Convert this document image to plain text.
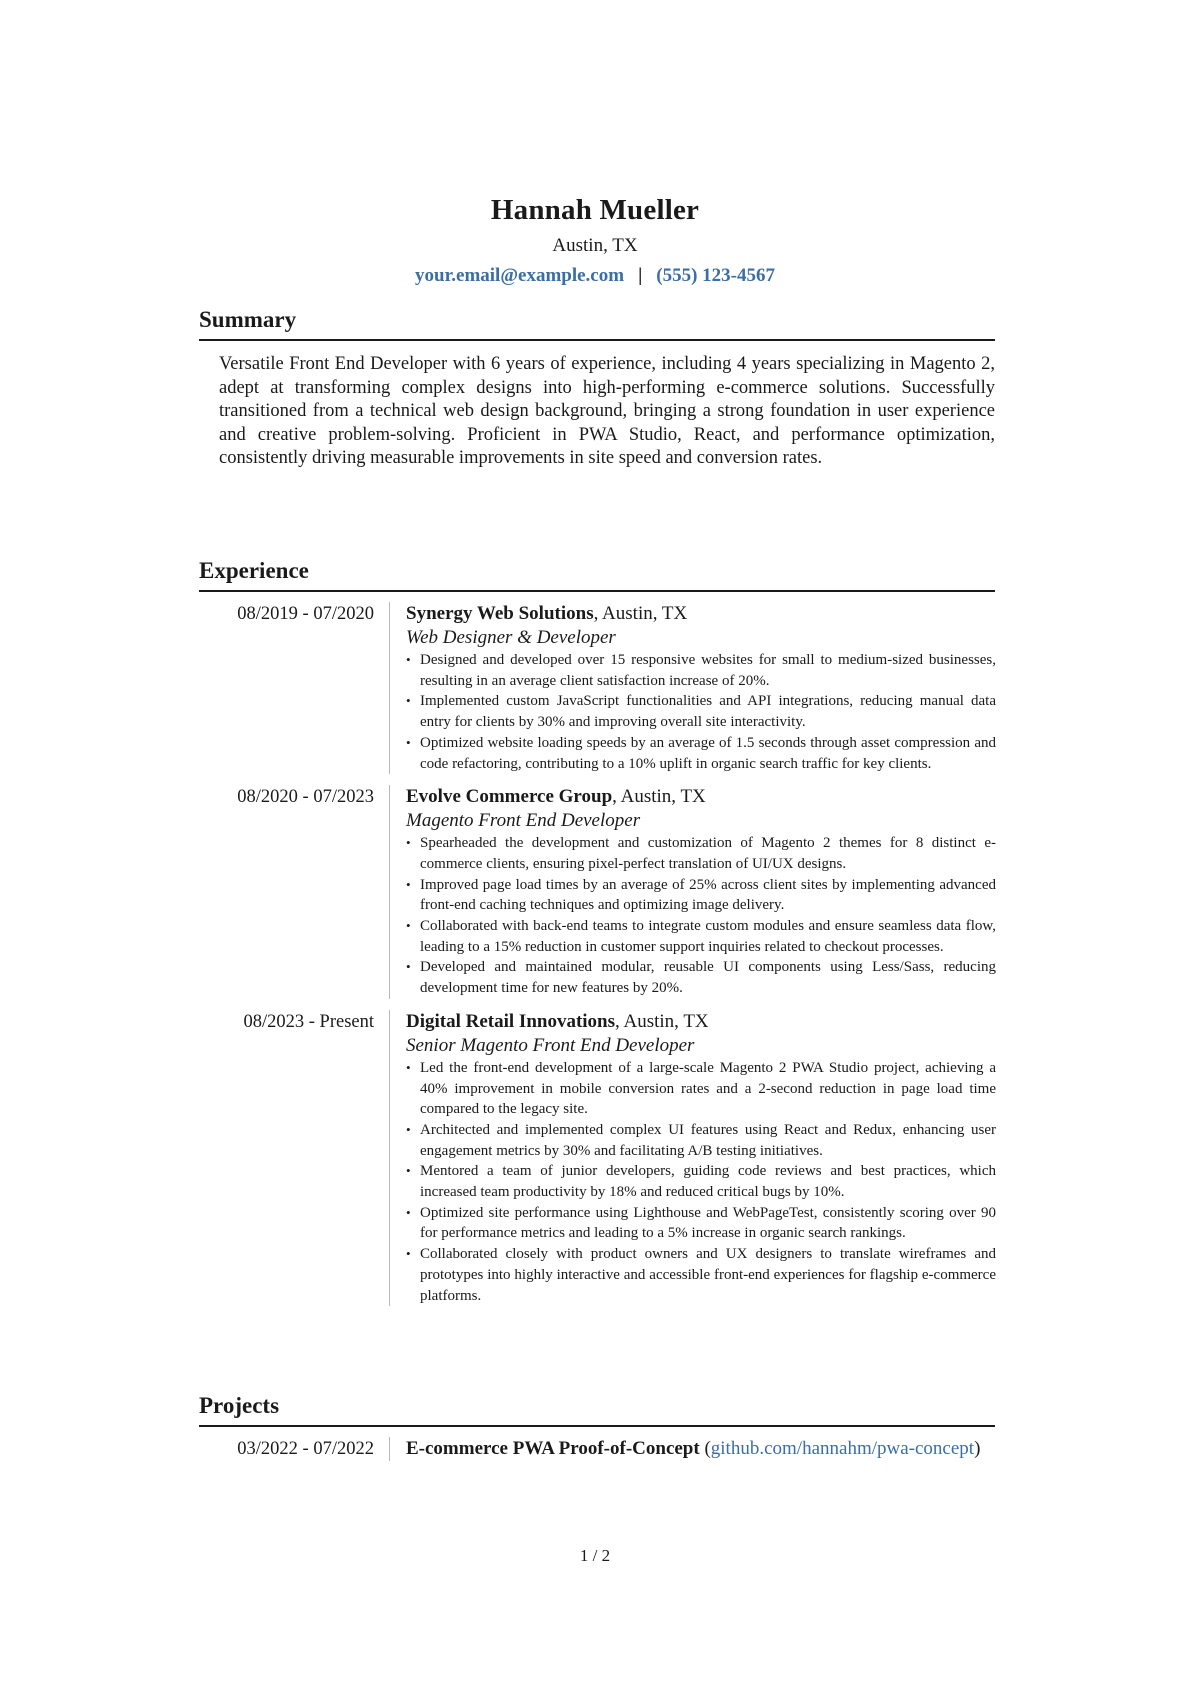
Hannah Mueller
Austin, TX
your.email@example.com | (555) 123-4567
Summary
Versatile Front End Developer with 6 years of experience, including 4 years specializing in Magento 2, adept at transforming complex designs into high-performing e-commerce solutions. Successfully transitioned from a technical web design background, bringing a strong foundation in user experience and creative problem-solving. Proficient in PWA Studio, React, and performance optimization, consistently driving measurable improvements in site speed and conversion rates.
Experience
08/2019 - 07/2020 Synergy Web Solutions, Austin, TX
Web Designer & Developer
• Designed and developed over 15 responsive websites for small to medium-sized businesses, resulting in an average client satisfaction increase of 20%.
• Implemented custom JavaScript functionalities and API integrations, reducing manual data entry for clients by 30% and improving overall site interactivity.
• Optimized website loading speeds by an average of 1.5 seconds through asset compression and code refactoring, contributing to a 10% uplift in organic search traffic for key clients.
08/2020 - 07/2023 Evolve Commerce Group, Austin, TX
Magento Front End Developer
• Spearheaded the development and customization of Magento 2 themes for 8 distinct e-commerce clients, ensuring pixel-perfect translation of UI/UX designs.
• Improved page load times by an average of 25% across client sites by implementing advanced front-end caching techniques and optimizing image delivery.
• Collaborated with back-end teams to integrate custom modules and ensure seamless data flow, leading to a 15% reduction in customer support inquiries related to checkout processes.
• Developed and maintained modular, reusable UI components using Less/Sass, reducing development time for new features by 20%.
08/2023 - Present Digital Retail Innovations, Austin, TX
Senior Magento Front End Developer
• Led the front-end development of a large-scale Magento 2 PWA Studio project, achieving a 40% improvement in mobile conversion rates and a 2-second reduction in page load time compared to the legacy site.
• Architected and implemented complex UI features using React and Redux, enhancing user engagement metrics by 30% and facilitating A/B testing initiatives.
• Mentored a team of junior developers, guiding code reviews and best practices, which increased team productivity by 18% and reduced critical bugs by 10%.
• Optimized site performance using Lighthouse and WebPageTest, consistently scoring over 90 for performance metrics and leading to a 5% increase in organic search rankings.
• Collaborated closely with product owners and UX designers to translate wireframes and prototypes into highly interactive and accessible front-end experiences for flagship e-commerce platforms.
Projects
03/2022 - 07/2022 E-commerce PWA Proof-of-Concept (github.com/hannahm/pwa-concept)
1 / 2
